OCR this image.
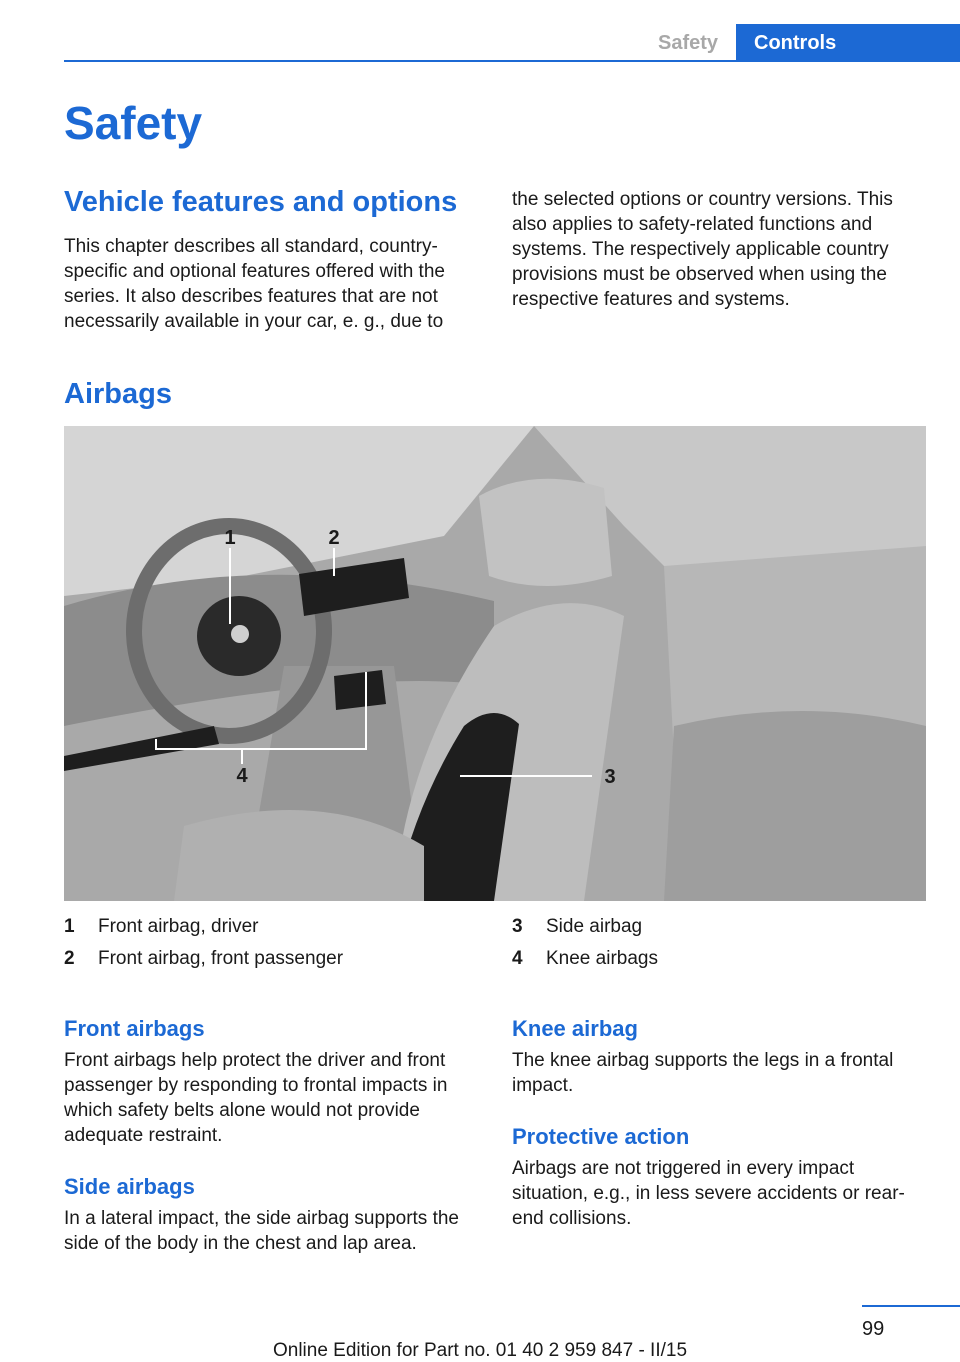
Safety	Controls
Safety
Vehicle features and options

This chapter describes all standard, country-specific and optional features offered with the series. It also describes features that are not necessarily available in your car, e. g., due to

the selected options or country versions. This also applies to safety-related functions and systems. The respectively applicable country provisions must be observed when using the respective features and systems.

Airbags
1	2
3
4
1 Front airbag, driver
2 Front airbag, front passenger
3 Side airbag
4 Knee airbags
Front airbags

Front airbags help protect the driver and front passenger by responding to frontal impacts in which safety belts alone would not provide adequate restraint.

Side airbags

In a lateral impact, the side airbag supports the side of the body in the chest and lap area.

Knee airbag

The knee airbag supports the legs in a frontal impact.

Protective action

Airbags are not triggered in every impact situation, e.g., in less severe accidents or rear-end collisions.

99
Online Edition for Part no. 01 40 2 959 847 - II/15
